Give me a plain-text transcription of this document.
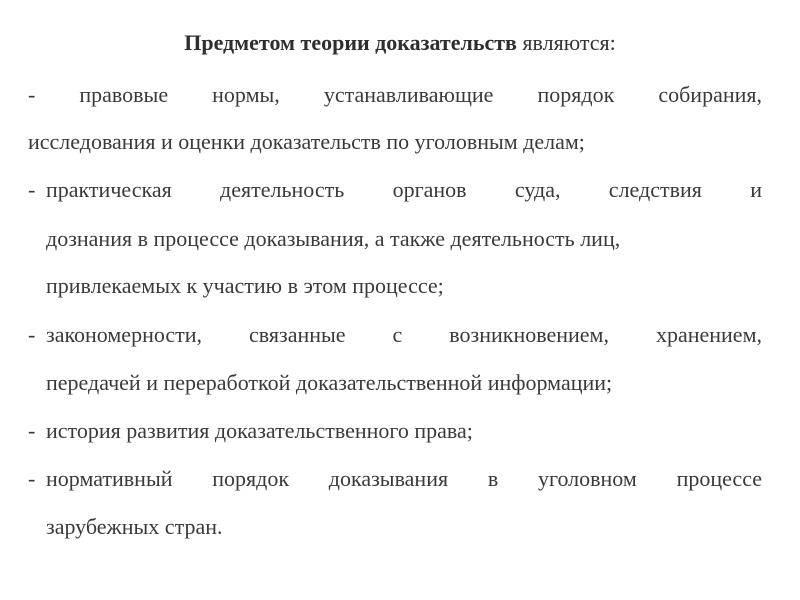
Предметом теории доказательств являются:
- правовые нормы, устанавливающие порядок собирания,
исследования и оценки доказательств по уголовным делам;
- практическая деятельность органов суда, следствия и
дознания в процессе доказывания, а также деятельность лиц,
привлекаемых к участию в этом процессе;
- закономерности, связанные с возникновением, хранением,
передачей и переработкой доказательственной информации;
- история развития доказательственного права;
- нормативный порядок доказывания в уголовном процессе
зарубежных стран.
